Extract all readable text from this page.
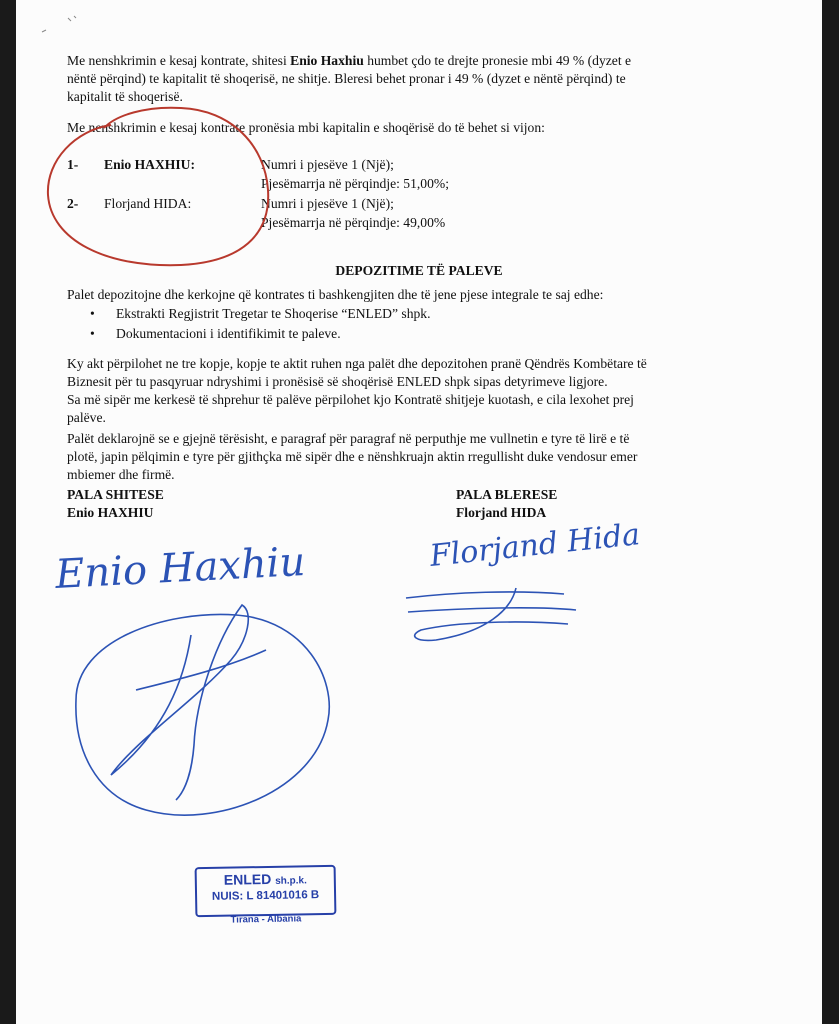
Me nenshkrimin e kesaj kontrate, shitesi Enio Haxhiu humbet çdo te drejte pronesie mbi 49 % (dyzet e
nëntë përqind) te kapitalit të shoqerisë, ne shitje. Bleresi behet pronar i 49 % (dyzet e nëntë përqind) te
kapitalit të shoqerisë.
Me nenshkrimin e kesaj kontrate pronësia mbi kapitalin e shoqërisë do të behet si vijon:
1- Enio HAXHIU:	Numri i pjesëve 1 (Një);
Pjesëmarrja në përqindje: 51,00%;
2- Florjand HIDA:	Numri i pjesëve 1 (Një);
Pjesëmarrja në përqindje: 49,00%
DEPOZITIME TË PALEVE
Palet depozitojne dhe kerkojne që kontrates ti bashkengjiten dhe të jene pjese integrale te saj edhe:
• Ekstrakti Regjistrit Tregetar te Shoqerise “ENLED” shpk.
• Dokumentacioni i identifikimit te paleve.
Ky akt përpilohet ne tre kopje, kopje te aktit ruhen nga palët dhe depozitohen pranë Qëndrës Kombëtare të
Biznesit për tu pasqyruar ndryshimi i pronësisë së shoqërisë ENLED shpk sipas detyrimeve ligjore.
Sa më sipër me kerkesë të shprehur të palëve përpilohet kjo Kontratë shitjeje kuotash, e cila lexohet prej
palëve.
Palët deklarojnë se e gjejnë tërësisht, e paragraf për paragraf në perputhje me vullnetin e tyre të lirë e të
plotë, japin pëlqimin e tyre për gjithçka më sipër dhe e nënshkruajn aktin rregullisht duke vendosur emer
mbiemer dhe firmë.
PALA SHITESE
Enio HAXHIU
PALA BLERESE
Florjand HIDA
Enio Haxhiu	Florjand Hida
ENLED sh.p.k.
NUIS: L 81401016 B
Tirana - Albania
